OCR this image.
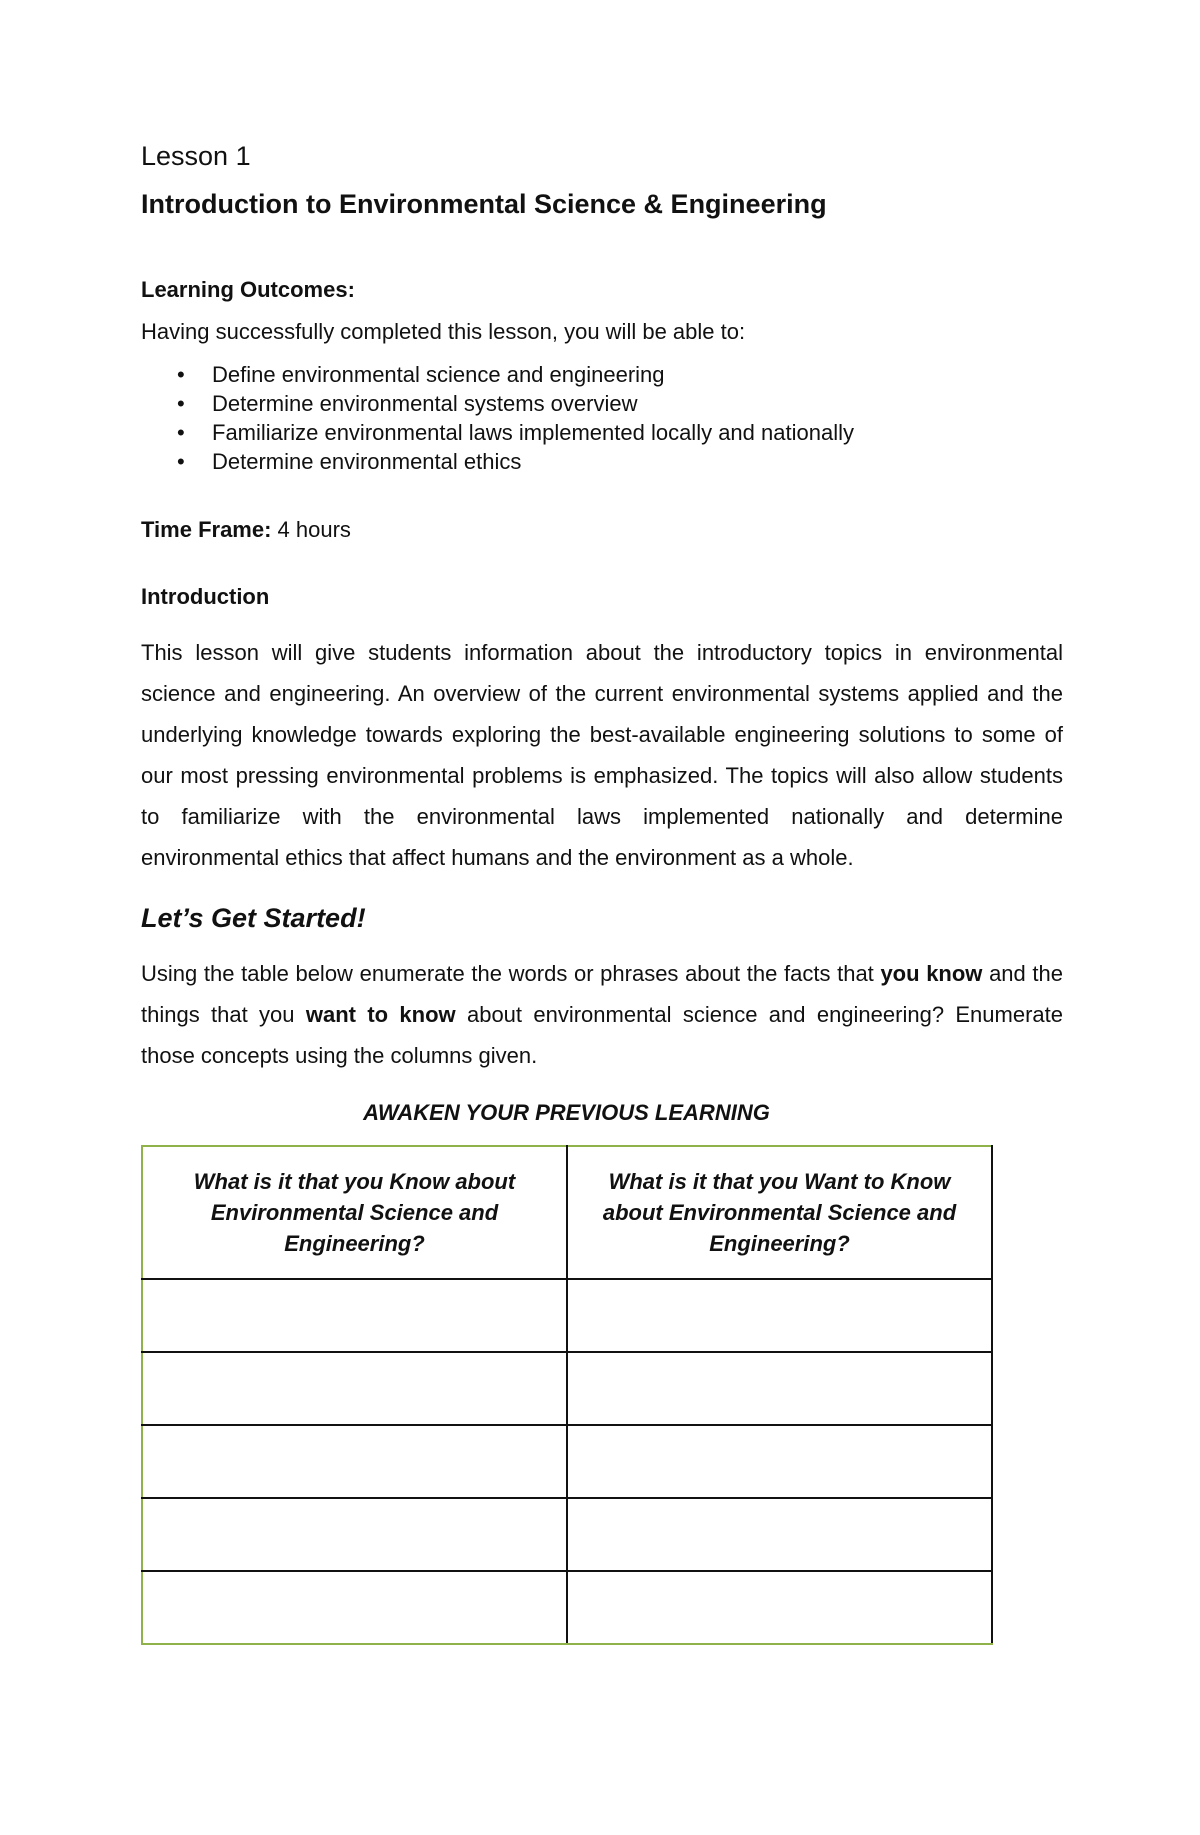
Lesson 1

Introduction to Environmental Science & Engineering

Learning Outcomes:

Having successfully completed this lesson, you will be able to:

• Define environmental science and engineering
• Determine environmental systems overview
• Familiarize environmental laws implemented locally and nationally
• Determine environmental ethics

Time Frame: 4 hours

Introduction

This lesson will give students information about the introductory topics in environmental science and engineering. An overview of the current environmental systems applied and the underlying knowledge towards exploring the best-available engineering solutions to some of our most pressing environmental problems is emphasized. The topics will also allow students to familiarize with the environmental laws implemented nationally and determine environmental ethics that affect humans and the environment as a whole.

Let’s Get Started!

Using the table below enumerate the words or phrases about the facts that you know and the things that you want to know about environmental science and engineering? Enumerate those concepts using the columns given.

AWAKEN YOUR PREVIOUS LEARNING

What is it that you Know about Environmental Science and Engineering?	What is it that you Want to Know about Environmental Science and Engineering?
